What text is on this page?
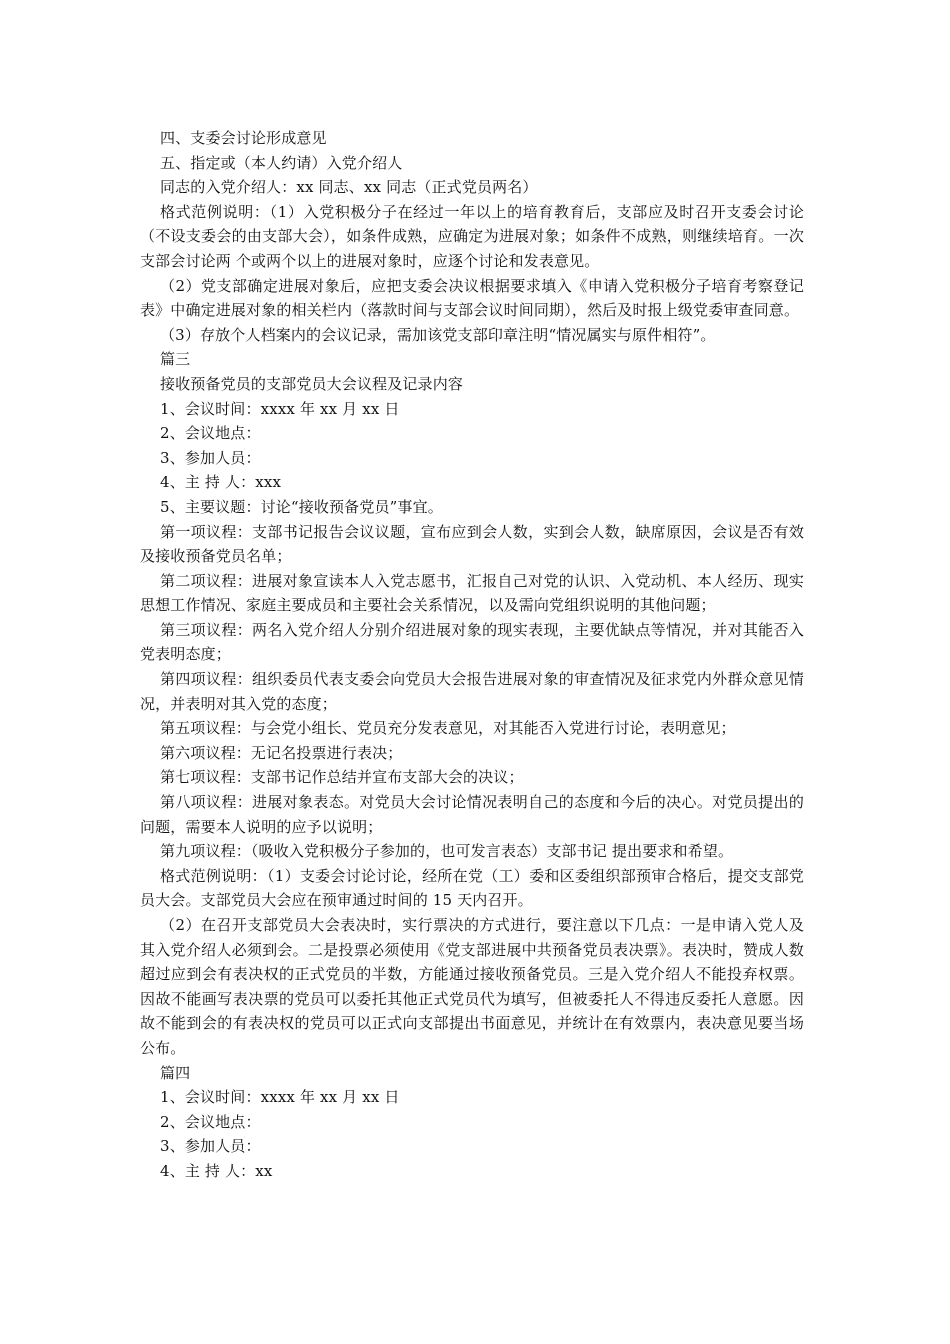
四、支委会讨论形成意见

五、指定或（本人约请）入党介绍人

同志的入党介绍人：xx 同志、xx 同志（正式党员两名）

格式范例说明：（1）入党积极分子在经过一年以上的培育教育后，支部应及时召开支委会讨论（不设支委会的由支部大会），如条件成熟，应确定为进展对象；如条件不成熟，则继续培育。一次支部会讨论两 个或两个以上的进展对象时，应逐个讨论和发表意见。

（2）党支部确定进展对象后，应把支委会决议根据要求填入《申请入党积极分子培育考察登记表》中确定进展对象的相关栏内（落款时间与支部会议时间同期），然后及时报上级党委审查同意。

（3）存放个人档案内的会议记录，需加该党支部印章注明“情况属实与原件相符”。

篇三

接收预备党员的支部党员大会议程及记录内容

1、会议时间：xxxx 年 xx 月 xx 日

2、会议地点：

3、参加人员：

4、主 持 人：xxx

5、主要议题：讨论“接收预备党员”事宜。

第一项议程：支部书记报告会议议题，宣布应到会人数，实到会人数，缺席原因，会议是否有效及接收预备党员名单；

第二项议程：进展对象宣读本人入党志愿书，汇报自己对党的认识、入党动机、本人经历、现实思想工作情况、家庭主要成员和主要社会关系情况，以及需向党组织说明的其他问题；

第三项议程：两名入党介绍人分别介绍进展对象的现实表现，主要优缺点等情况，并对其能否入党表明态度；

第四项议程：组织委员代表支委会向党员大会报告进展对象的审查情况及征求党内外群众意见情况，并表明对其入党的态度；

第五项议程：与会党小组长、党员充分发表意见，对其能否入党进行讨论，表明意见；

第六项议程：无记名投票进行表决；

第七项议程：支部书记作总结并宣布支部大会的决议；

第八项议程：进展对象表态。对党员大会讨论情况表明自己的态度和今后的决心。对党员提出的问题，需要本人说明的应予以说明；

第九项议程：（吸收入党积极分子参加的，也可发言表态）支部书记 提出要求和希望。

格式范例说明：（1）支委会讨论讨论，经所在党（工）委和区委组织部预审合格后，提交支部党员大会。支部党员大会应在预审通过时间的 15 天内召开。

（2）在召开支部党员大会表决时，实行票决的方式进行，要注意以下几点：一是申请入党人及其入党介绍人必须到会。二是投票必须使用《党支部进展中共预备党员表决票》。表决时，赞成人数超过应到会有表决权的正式党员的半数，方能通过接收预备党员。三是入党介绍人不能投弃权票。因故不能画写表决票的党员可以委托其他正式党员代为填写，但被委托人不得违反委托人意愿。因故不能到会的有表决权的党员可以正式向支部提出书面意见，并统计在有效票内，表决意见要当场公布。

篇四

1、会议时间：xxxx 年 xx 月 xx 日

2、会议地点：

3、参加人员：

4、主 持 人：xx
